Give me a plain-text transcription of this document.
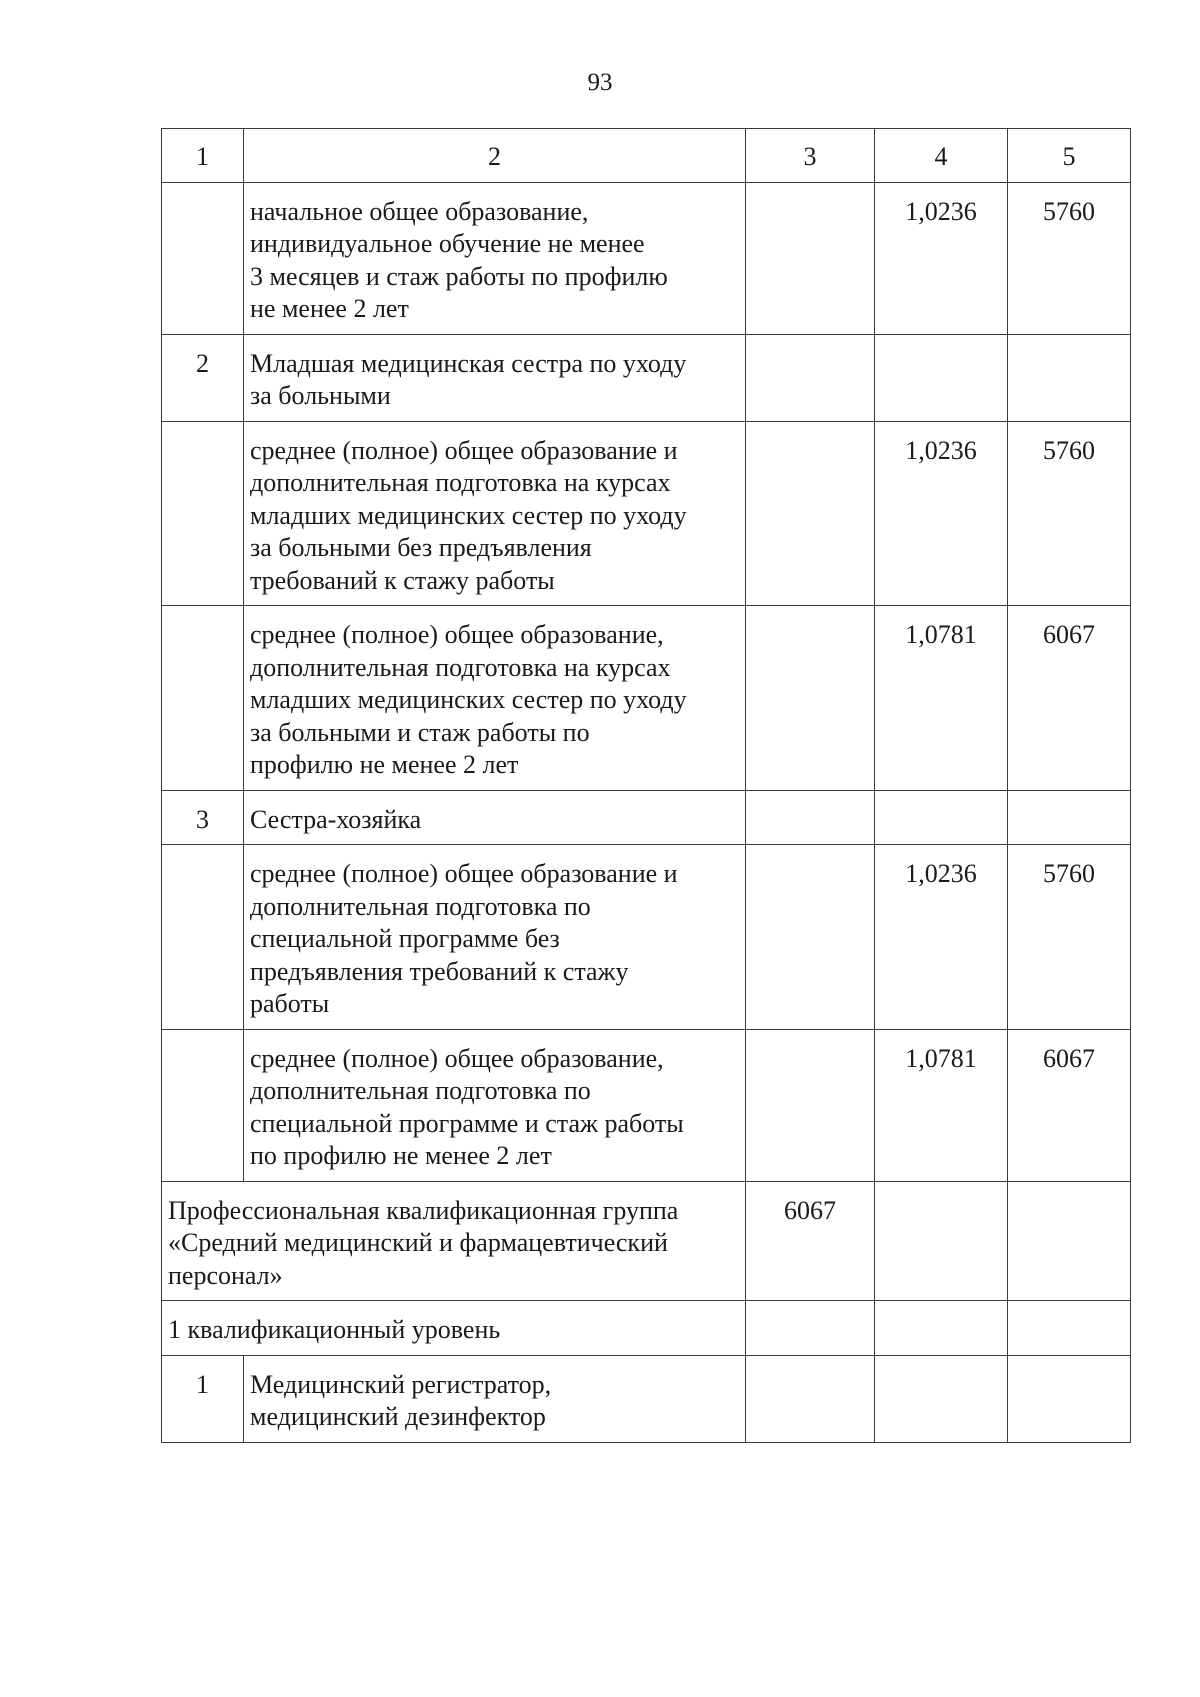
93
1	2	3	4	5
	начальное общее образование,
индивидуальное обучение не менее
3 месяцев и стаж работы по профилю
не менее 2 лет		1,0236	5760
2	Младшая медицинская сестра по уходу
за больными			
	среднее (полное) общее образование и
дополнительная подготовка на курсах
младших медицинских сестер по уходу
за больными без предъявления
требований к стажу работы		1,0236	5760
	среднее (полное) общее образование,
дополнительная подготовка на курсах
младших медицинских сестер по уходу
за больными и стаж работы по
профилю не менее 2 лет		1,0781	6067
3	Сестра-хозяйка			
	среднее (полное) общее образование и
дополнительная подготовка по
специальной программе без
предъявления требований к стажу
работы		1,0236	5760
	среднее (полное) общее образование,
дополнительная подготовка по
специальной программе и стаж работы
по профилю не менее 2 лет		1,0781	6067
Профессиональная квалификационная группа
«Средний медицинский и фармацевтический
персонал»		6067		
1 квалификационный уровень				
1	Медицинский регистратор,
медицинский дезинфектор			
